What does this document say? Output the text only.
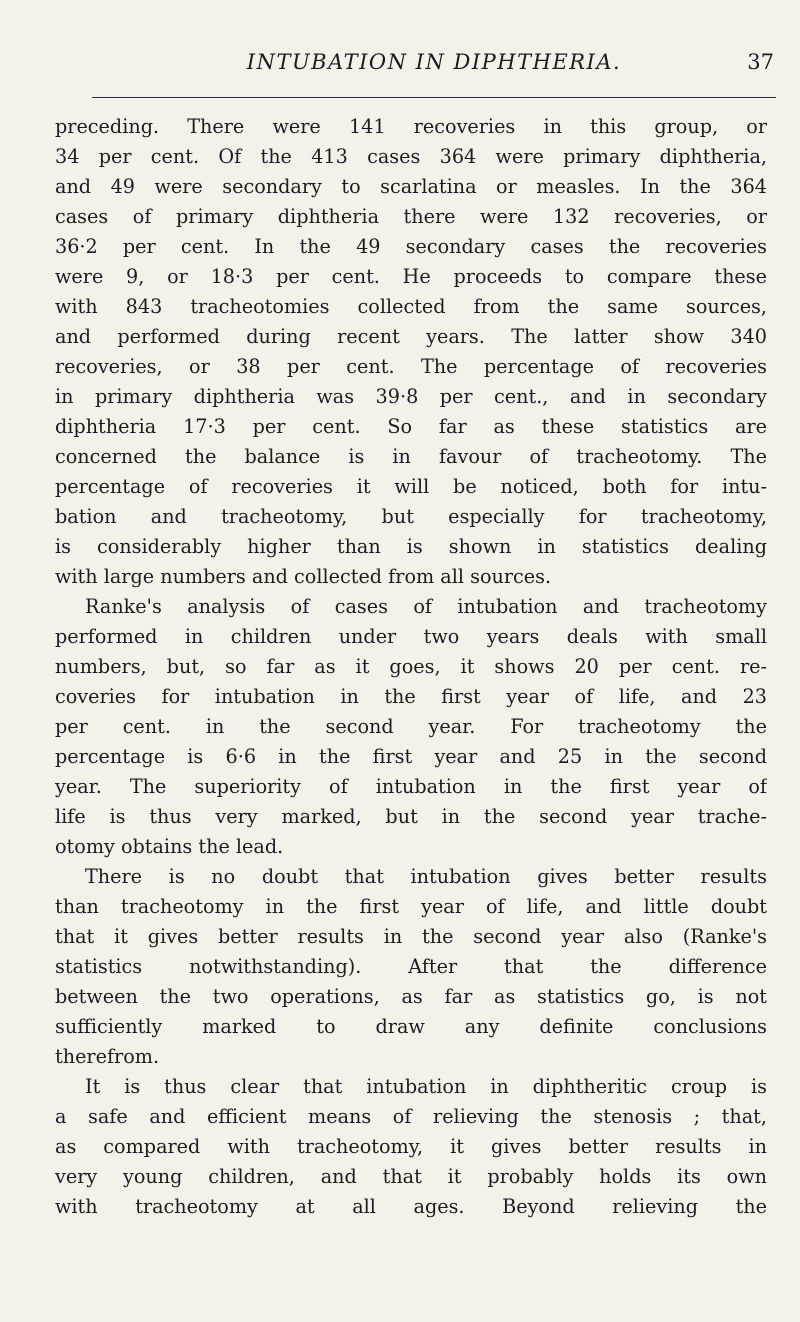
INTUBATION IN DIPHTHERIA.	37
preceding. There were 141 recoveries in this group, or
34 per cent. Of the 413 cases 364 were primary diphtheria,
and 49 were secondary to scarlatina or measles. In the 364
cases of primary diphtheria there were 132 recoveries, or
36·2 per cent. In the 49 secondary cases the recoveries
were 9, or 18·3 per cent. He proceeds to compare these
with 843 tracheotomies collected from the same sources,
and performed during recent years. The latter show 340
recoveries, or 38 per cent. The percentage of recoveries
in primary diphtheria was 39·8 per cent., and in secondary
diphtheria 17·3 per cent. So far as these statistics are
concerned the balance is in favour of tracheotomy. The
percentage of recoveries it will be noticed, both for intu-
bation and tracheotomy, but especially for tracheotomy,
is considerably higher than is shown in statistics dealing
with large numbers and collected from all sources.
Ranke's analysis of cases of intubation and tracheotomy
performed in children under two years deals with small
numbers, but, so far as it goes, it shows 20 per cent. re-
coveries for intubation in the first year of life, and 23
per cent. in the second year. For tracheotomy the
percentage is 6·6 in the first year and 25 in the second
year. The superiority of intubation in the first year of
life is thus very marked, but in the second year trache-
otomy obtains the lead.
There is no doubt that intubation gives better results
than tracheotomy in the first year of life, and little doubt
that it gives better results in the second year also (Ranke's
statistics notwithstanding). After that the difference
between the two operations, as far as statistics go, is not
sufficiently marked to draw any definite conclusions
therefrom.
It is thus clear that intubation in diphtheritic croup is
a safe and efficient means of relieving the stenosis ; that,
as compared with tracheotomy, it gives better results in
very young children, and that it probably holds its own
with tracheotomy at all ages. Beyond relieving the
